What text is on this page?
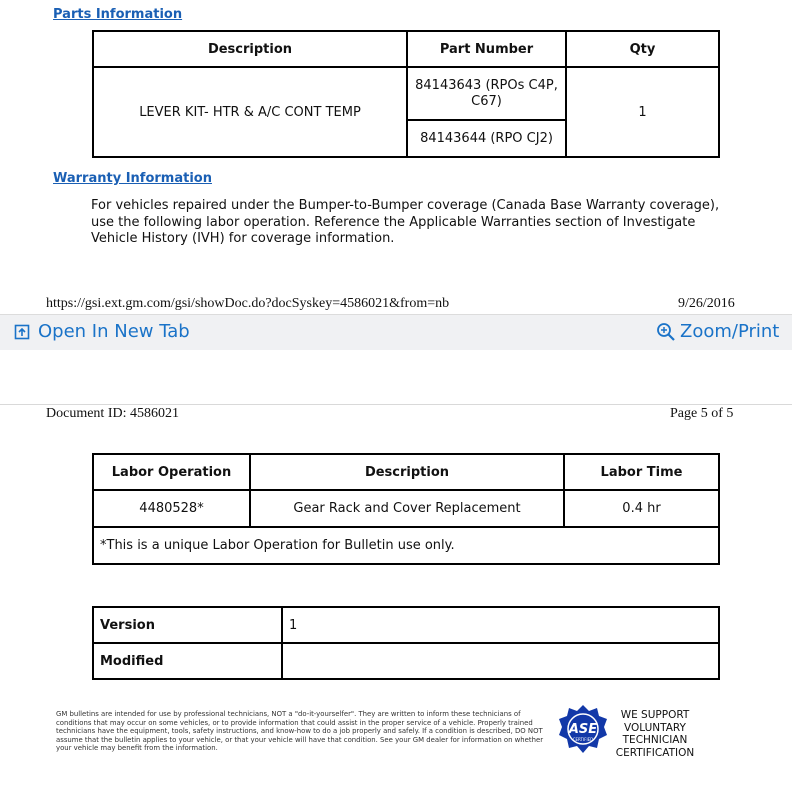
Parts Information
Description	Part Number	Qty
LEVER KIT- HTR & A/C CONT TEMP	84143643 (RPOs C4P, C67)	1
	84143644 (RPO CJ2)	
Warranty Information
For vehicles repaired under the Bumper-to-Bumper coverage (Canada Base Warranty coverage), use the following labor operation. Reference the Applicable Warranties section of Investigate Vehicle History (IVH) for coverage information.
https://gsi.ext.gm.com/gsi/showDoc.do?docSyskey=4586021&from=nb	9/26/2016
Open In New Tab	Zoom/Print
Document ID: 4586021	Page 5 of 5
Labor Operation	Description	Labor Time
4480528*	Gear Rack and Cover Replacement	0.4 hr
*This is a unique Labor Operation for Bulletin use only.		
Version	1
Modified	
GM bulletins are intended for use by professional technicians, NOT a "do-it-yourselfer". They are written to inform these technicians of conditions that may occur on some vehicles, or to provide information that could assist in the proper service of a vehicle. Properly trained technicians have the equipment, tools, safety instructions, and know-how to do a job properly and safely. If a condition is described, DO NOT assume that the bulletin applies to your vehicle, or that your vehicle will have that condition. See your GM dealer for information on whether your vehicle may benefit from the information.
ASE
CERTIFIED
WE SUPPORT
VOLUNTARY
TECHNICIAN
CERTIFICATION
